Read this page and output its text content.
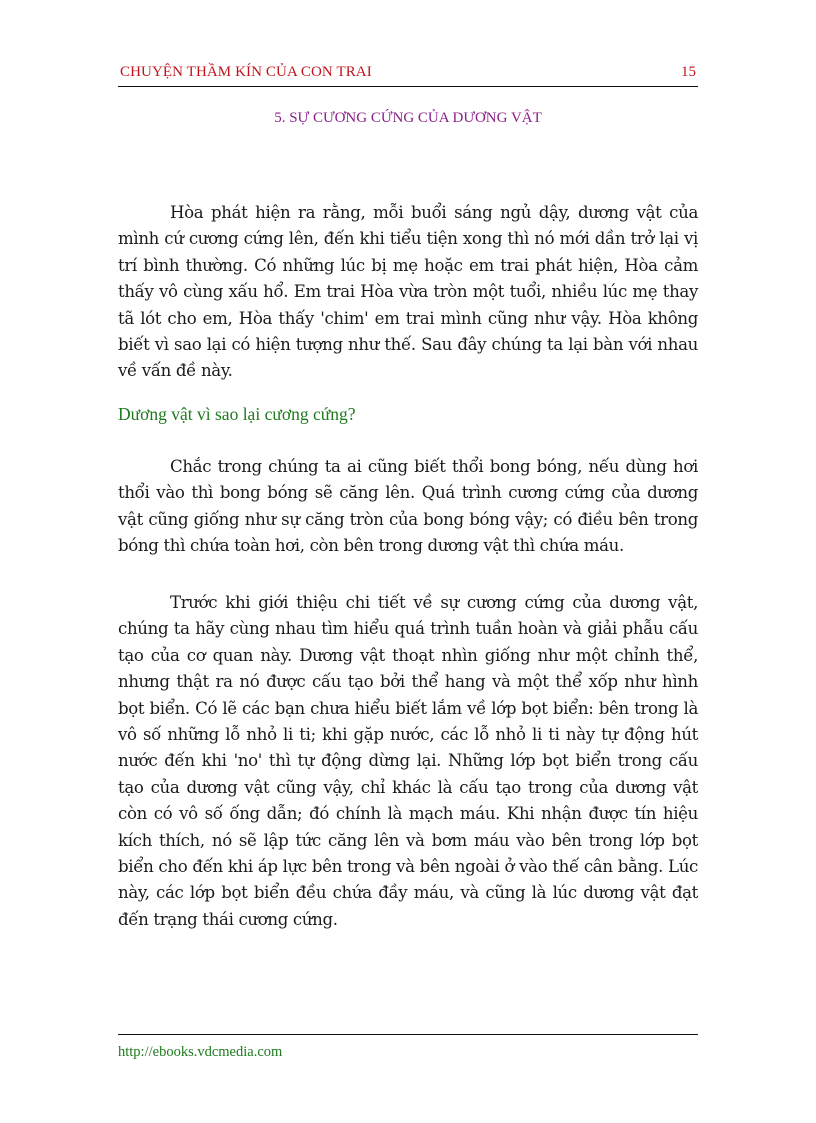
CHUYỆN THẦM KÍN CỦA CON TRAI	15
5. SỰ CƯƠNG CỨNG CỦA DƯƠNG VẬT

Hòa phát hiện ra rằng, mỗi buổi sáng ngủ dậy, dương vật của mình cứ cương cứng lên, đến khi tiểu tiện xong thì nó mới dần trở lại vị trí bình thường. Có những lúc bị mẹ hoặc em trai phát hiện, Hòa cảm thấy vô cùng xấu hổ. Em trai Hòa vừa tròn một tuổi, nhiều lúc mẹ thay tã lót cho em, Hòa thấy 'chim' em trai mình cũng như vậy. Hòa không biết vì sao lại có hiện tượng như thế. Sau đây chúng ta lại bàn với nhau về vấn đề này.

Dương vật vì sao lại cương cứng?

Chắc trong chúng ta ai cũng biết thổi bong bóng, nếu dùng hơi thổi vào thì bong bóng sẽ căng lên. Quá trình cương cứng của dương vật cũng giống như sự căng tròn của bong bóng vậy; có điều bên trong bóng thì chứa toàn hơi, còn bên trong dương vật thì chứa máu.

Trước khi giới thiệu chi tiết về sự cương cứng của dương vật, chúng ta hãy cùng nhau tìm hiểu quá trình tuần hoàn và giải phẫu cấu tạo của cơ quan này. Dương vật thoạt nhìn giống như một chỉnh thể, nhưng thật ra nó được cấu tạo bởi thể hang và một thể xốp như hình bọt biển. Có lẽ các bạn chưa hiểu biết lắm về lớp bọt biển: bên trong là vô số những lỗ nhỏ li ti; khi gặp nước, các lỗ nhỏ li ti này tự động hút nước đến khi 'no' thì tự động dừng lại. Những lớp bọt biển trong cấu tạo của dương vật cũng vậy, chỉ khác là cấu tạo trong của dương vật còn có vô số ống dẫn; đó chính là mạch máu. Khi nhận được tín hiệu kích thích, nó sẽ lập tức căng lên và bơm máu vào bên trong lớp bọt biển cho đến khi áp lực bên trong và bên ngoài ở vào thế cân bằng. Lúc này, các lớp bọt biển đều chứa đầy máu, và cũng là lúc dương vật đạt đến trạng thái cương cứng.

http://ebooks.vdcmedia.com
